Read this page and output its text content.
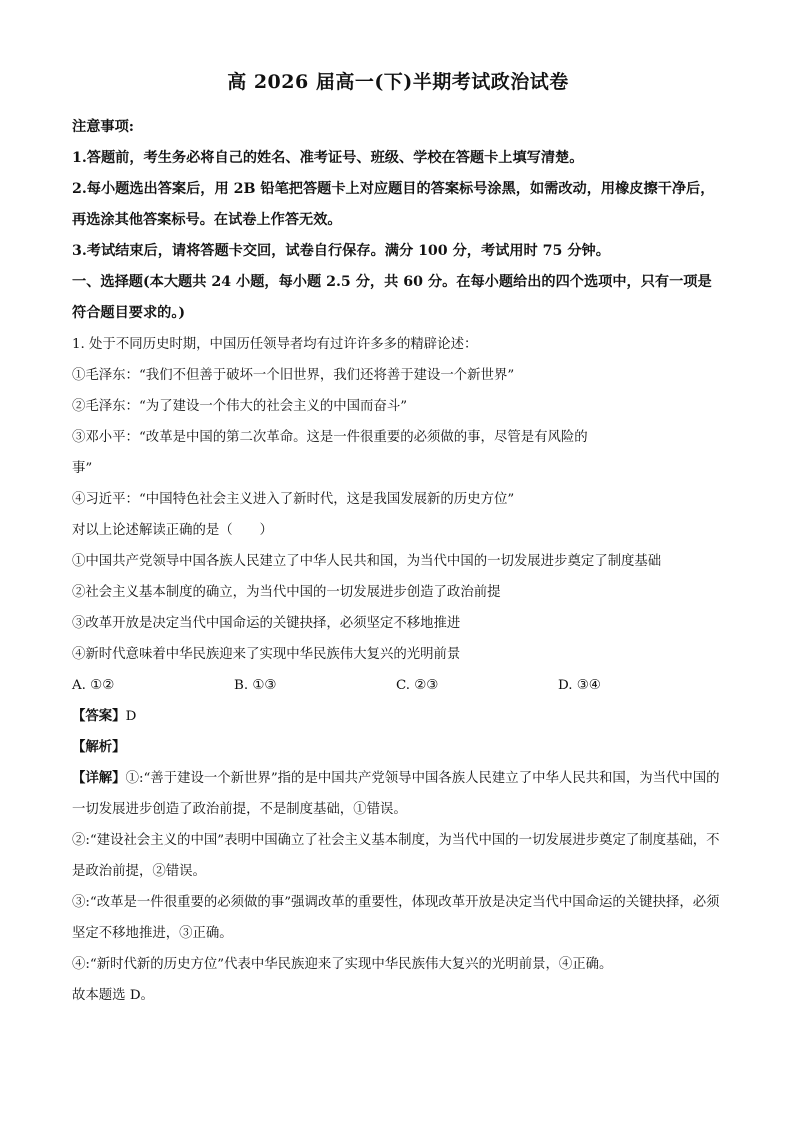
高 2026 届高一(下)半期考试政治试卷
注意事项:
1.答题前，考生务必将自己的姓名、准考证号、班级、学校在答题卡上填写清楚。
2.每小题选出答案后，用 2B 铅笔把答题卡上对应题目的答案标号涂黑，如需改动，用橡皮擦干净后，再选涂其他答案标号。在试卷上作答无效。
3.考试结束后，请将答题卡交回，试卷自行保存。满分 100 分，考试用时 75 分钟。
一、选择题(本大题共 24 小题，每小题 2.5 分，共 60 分。在每小题给出的四个选项中，只有一项是符合题目要求的。)
1. 处于不同历史时期，中国历任领导者均有过许许多多的精辟论述：
①毛泽东：“我们不但善于破坏一个旧世界，我们还将善于建设一个新世界”
②毛泽东：“为了建设一个伟大的社会主义的中国而奋斗”
③邓小平：“改革是中国的第二次革命。这是一件很重要的必须做的事，尽管是有风险的
事”
④习近平：“中国特色社会主义进入了新时代，这是我国发展新的历史方位”
对以上论述解读正确的是（　　）
①中国共产党领导中国各族人民建立了中华人民共和国，为当代中国的一切发展进步奠定了制度基础
②社会主义基本制度的确立，为当代中国的一切发展进步创造了政治前提
③改革开放是决定当代中国命运的关键抉择，必须坚定不移地推进
④新时代意味着中华民族迎来了实现中华民族伟大复兴的光明前景
A. ①②	B. ①③	C. ②③	D. ③④
【答案】D
【解析】
【详解】①:“善于建设一个新世界”指的是中国共产党领导中国各族人民建立了中华人民共和国，为当代中国的一切发展进步创造了政治前提，不是制度基础，①错误。
②:“建设社会主义的中国”表明中国确立了社会主义基本制度，为当代中国的一切发展进步奠定了制度基础，不是政治前提，②错误。
③:“改革是一件很重要的必须做的事”强调改革的重要性，体现改革开放是决定当代中国命运的关键抉择，必须坚定不移地推进，③正确。
④:“新时代新的历史方位”代表中华民族迎来了实现中华民族伟大复兴的光明前景，④正确。
故本题选 D。
